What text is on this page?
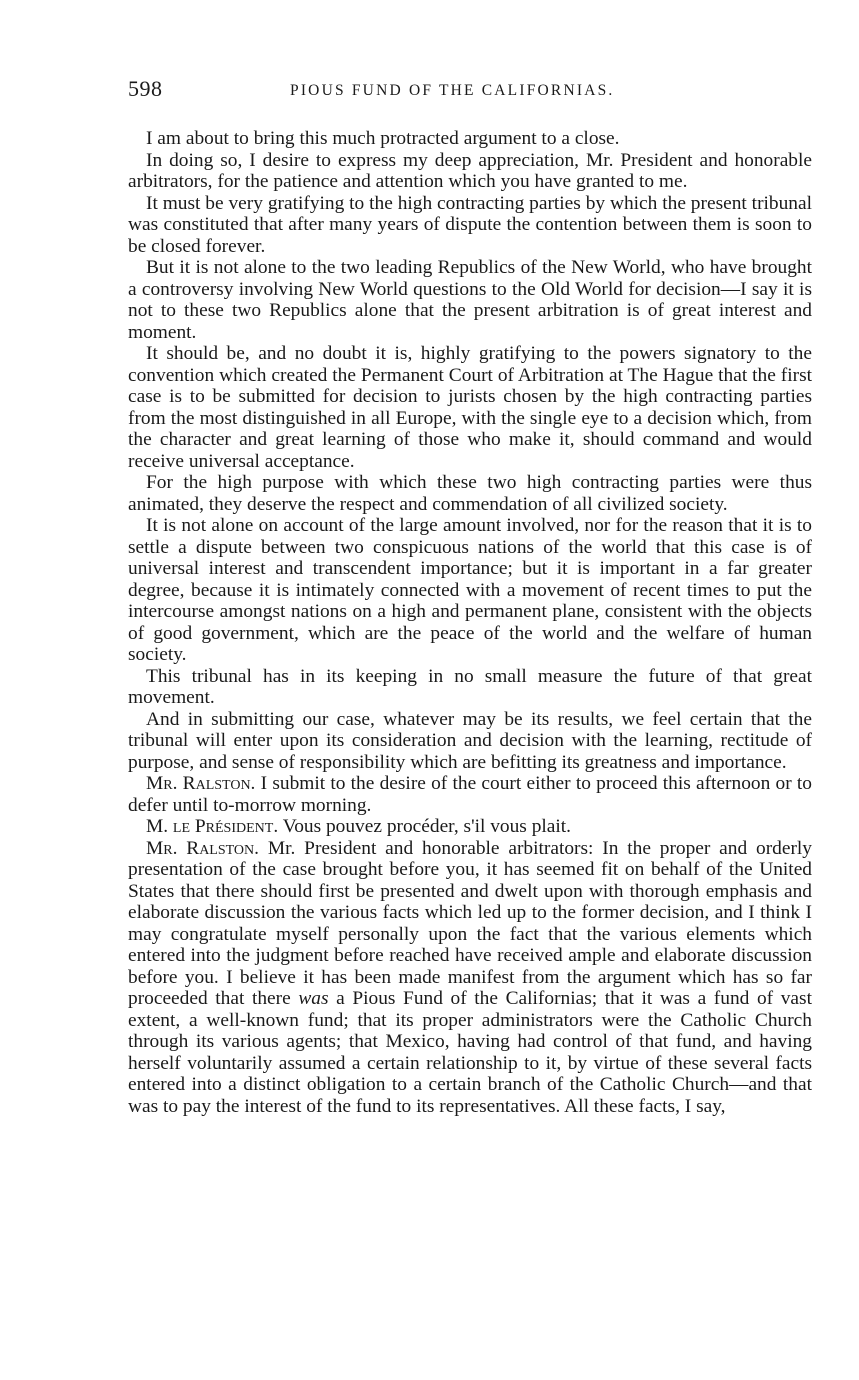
598	PIOUS FUND OF THE CALIFORNIAS.

I am about to bring this much protracted argument to a close.

In doing so, I desire to express my deep appreciation, Mr. President and honorable arbitrators, for the patience and attention which you have granted to me.

It must be very gratifying to the high contracting parties by which the present tribunal was constituted that after many years of dispute the contention between them is soon to be closed forever.

But it is not alone to the two leading Republics of the New World, who have brought a controversy involving New World questions to the Old World for decision—I say it is not to these two Republics alone that the present arbitration is of great interest and moment.

It should be, and no doubt it is, highly gratifying to the powers signatory to the convention which created the Permanent Court of Arbitration at The Hague that the first case is to be submitted for decision to jurists chosen by the high contracting parties from the most distinguished in all Europe, with the single eye to a decision which, from the character and great learning of those who make it, should command and would receive universal acceptance.

For the high purpose with which these two high contracting parties were thus animated, they deserve the respect and commendation of all civilized society.

It is not alone on account of the large amount involved, nor for the reason that it is to settle a dispute between two conspicuous nations of the world that this case is of universal interest and transcendent importance; but it is important in a far greater degree, because it is intimately connected with a movement of recent times to put the intercourse amongst nations on a high and permanent plane, consistent with the objects of good government, which are the peace of the world and the welfare of human society.

This tribunal has in its keeping in no small measure the future of that great movement.

And in submitting our case, whatever may be its results, we feel certain that the tribunal will enter upon its consideration and decision with the learning, rectitude of purpose, and sense of responsibility which are befitting its greatness and importance.

Mr. Ralston. I submit to the desire of the court either to proceed this afternoon or to defer until to-morrow morning.

M. le Président. Vous pouvez procéder, s'il vous plait.

Mr. Ralston. Mr. President and honorable arbitrators: In the proper and orderly presentation of the case brought before you, it has seemed fit on behalf of the United States that there should first be presented and dwelt upon with thorough emphasis and elaborate discussion the various facts which led up to the former decision, and I think I may congratulate myself personally upon the fact that the various elements which entered into the judgment before reached have received ample and elaborate discussion before you. I believe it has been made manifest from the argument which has so far proceeded that there was a Pious Fund of the Californias; that it was a fund of vast extent, a well-known fund; that its proper administrators were the Catholic Church through its various agents; that Mexico, having had control of that fund, and having herself voluntarily assumed a certain relationship to it, by virtue of these several facts entered into a distinct obligation to a certain branch of the Catholic Church—and that was to pay the interest of the fund to its representatives. All these facts, I say,
